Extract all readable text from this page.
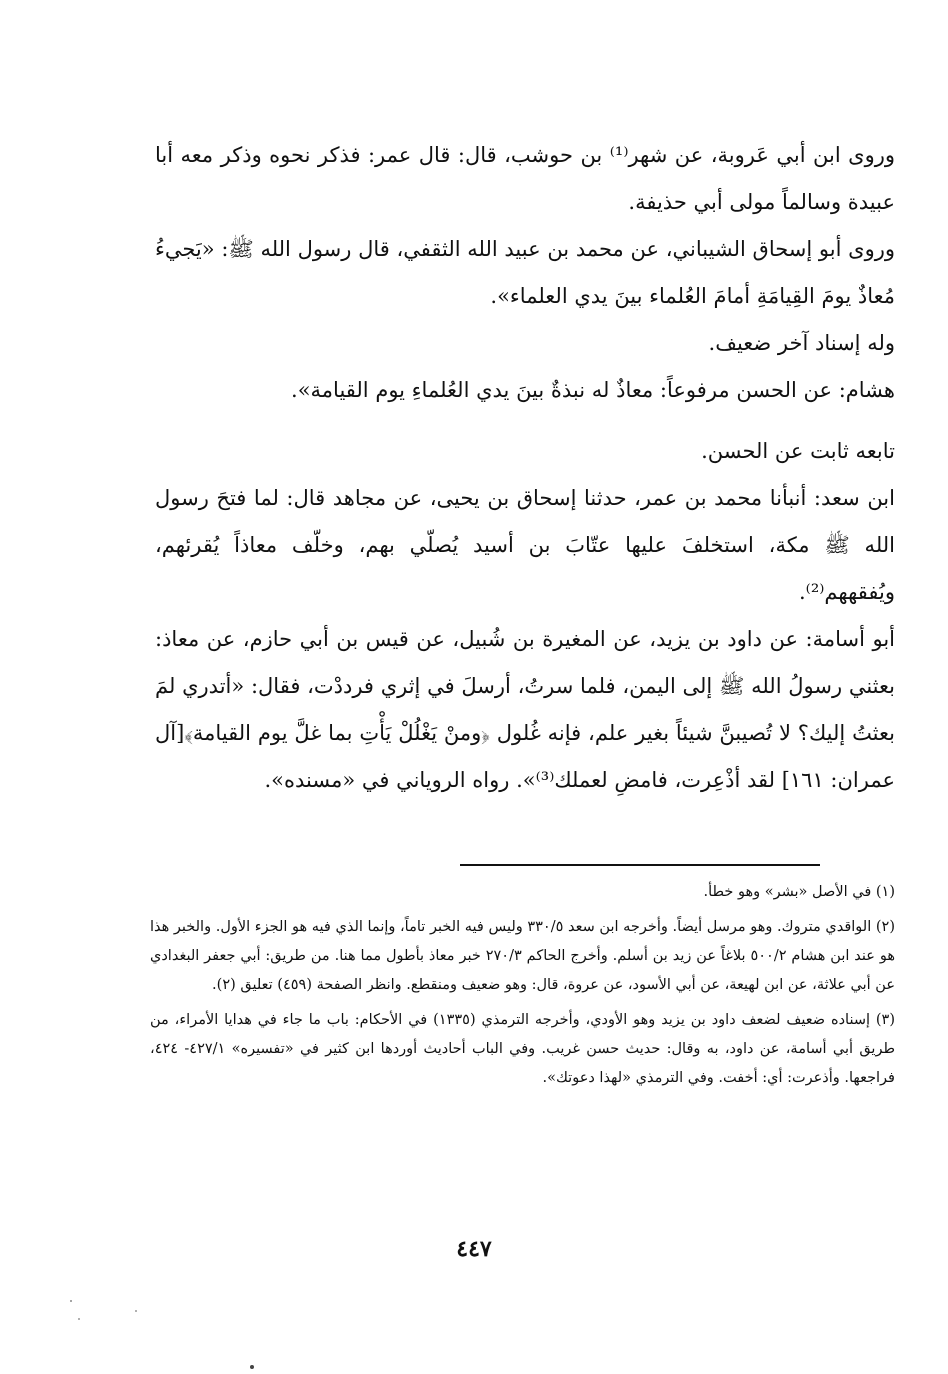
وروى ابن أبي عَروبة، عن شهر⁽¹⁾ بن حوشب، قال: قال عمر: فذكر نحوه وذكر معه أبا عبيدة وسالماً مولى أبي حذيفة.

وروى أبو إسحاق الشيباني، عن محمد بن عبيد الله الثقفي، قال رسول الله ﷺ: «يَجيءُ مُعاذٌ يومَ القِيامَةِ أمامَ العُلماء بينَ يدي العلماء».

وله إسناد آخر ضعيف.

هشام: عن الحسن مرفوعاً: معاذٌ له نبذةٌ بينَ يدي العُلماءِ يوم القيامة».

تابعه ثابت عن الحسن.

ابن سعد: أنبأنا محمد بن عمر، حدثنا إسحاق بن يحيى، عن مجاهد قال: لما فتحَ رسول الله ﷺ مكة، استخلفَ عليها عتّابَ بن أسيد يُصلّي بهم، وخلّف معاذاً يُقرئهم، ويُفقههم⁽²⁾.

أبو أسامة: عن داود بن يزيد، عن المغيرة بن شُبيل، عن قيس بن أبي حازم، عن معاذ: بعثني رسولُ الله ﷺ إلى اليمن، فلما سرتُ، أرسلَ في إثري فرددْت، فقال: «أتدري لمَ بعثتُ إليك؟ لا تُصيبنَّ شيئاً بغير علم، فإنه غُلول ﴿ومنْ يَغْلُلْ يَأْتِ بما غلَّ يوم القيامة﴾[آل عمران: ١٦١] لقد أذْعِرت، فامضِ لعملك⁽³⁾». رواه الروياني في «مسنده».

(١) في الأصل «بشر» وهو خطأ.

(٢) الواقدي متروك. وهو مرسل أيضاً. وأخرجه ابن سعد ٣٣٠/٥ وليس فيه الخبر تاماً، وإنما الذي فيه هو الجزء الأول. والخبر هذا هو عند ابن هشام ٥٠٠/٢ بلاغاً عن زيد بن أسلم. وأخرج الحاكم ٢٧٠/٣ خبر معاذ بأطول مما هنا. من طريق: أبي جعفر البغدادي عن أبي علاثة، عن ابن لهيعة، عن أبي الأسود، عن عروة، قال: وهو ضعيف ومنقطع. وانظر الصفحة (٤٥٩) تعليق (٢).

(٣) إسناده ضعيف لضعف داود بن يزيد وهو الأودي، وأخرجه الترمذي (١٣٣٥) في الأحكام: باب ما جاء في هدايا الأمراء، من طريق أبي أسامة، عن داود، به وقال: حديث حسن غريب. وفي الباب أحاديث أوردها ابن كثير في «تفسيره» ٤٢٧/١- ٤٢٤، فراجعها. وأذعرت: أي: أخفت. وفي الترمذي «لهذا دعوتك».

٤٤٧
